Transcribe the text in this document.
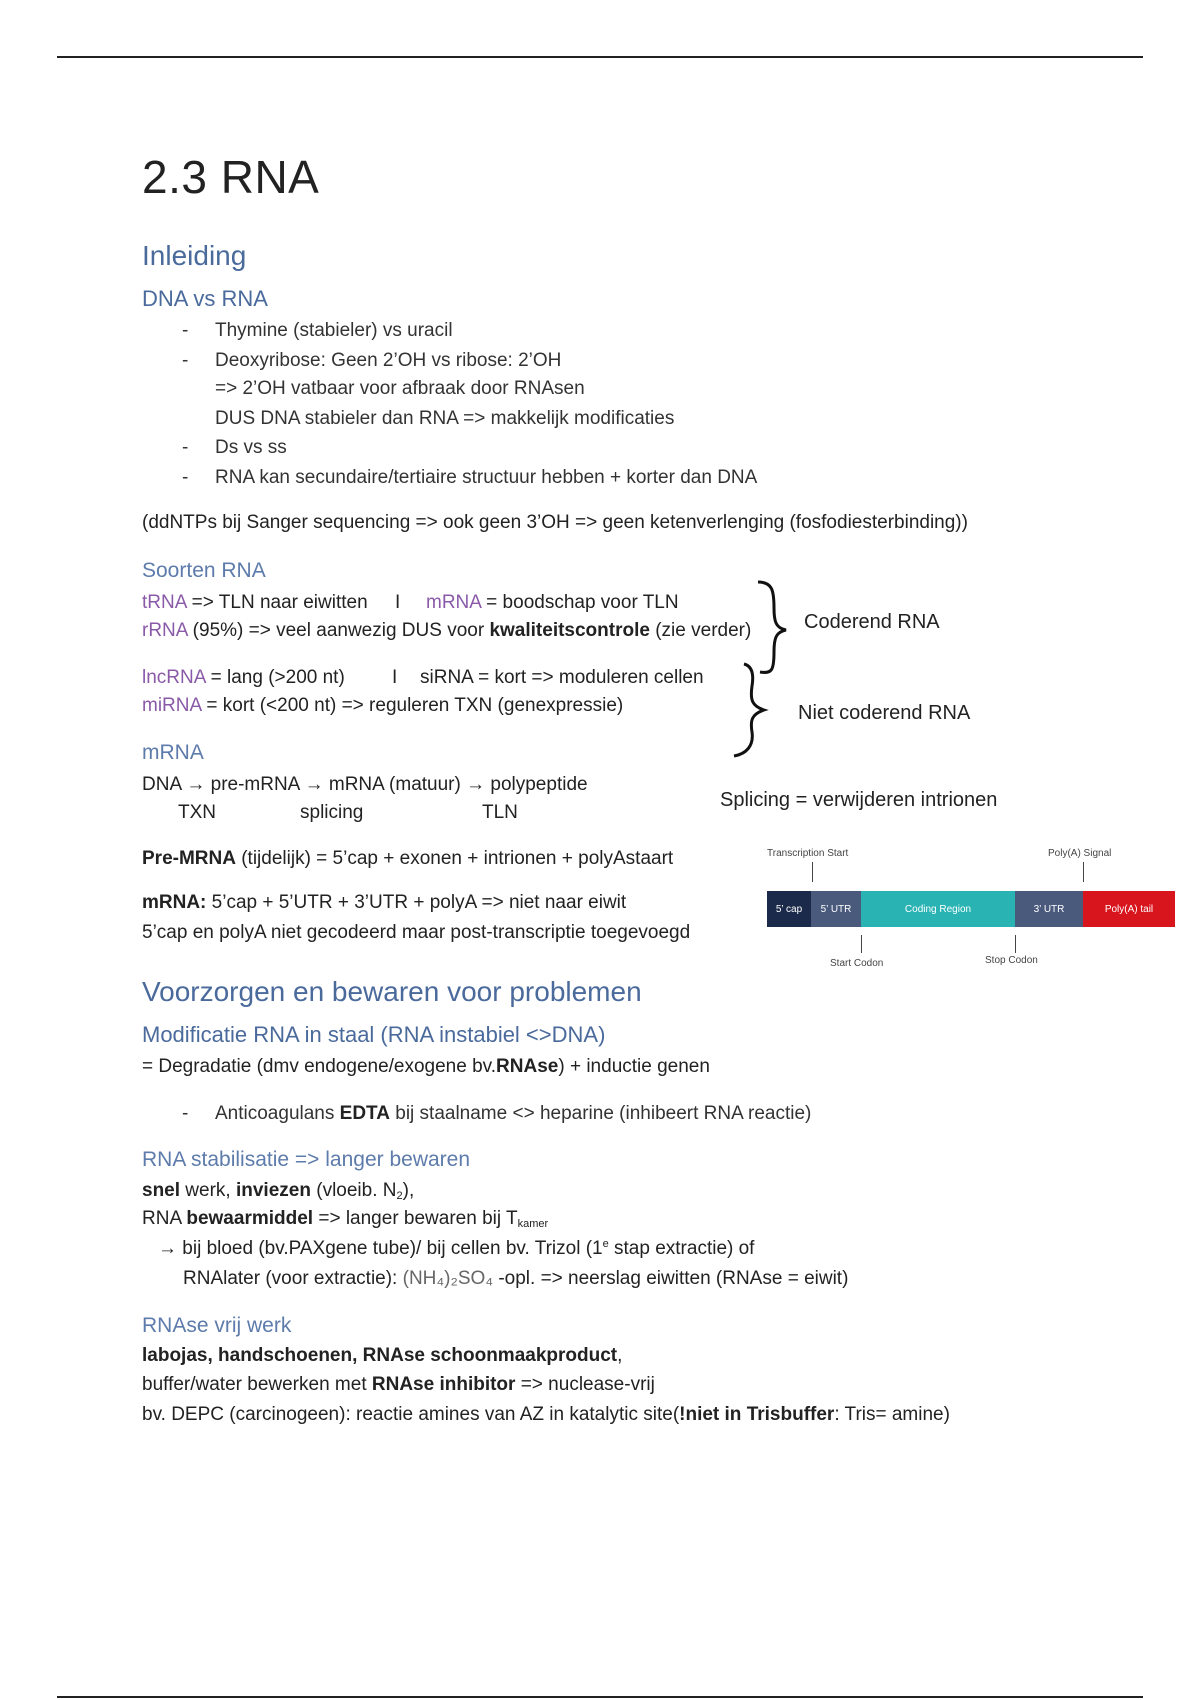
2.3 RNA
Inleiding
DNA vs RNA
- Thymine (stabieler) vs uracil
- Deoxyribose: Geen 2’OH vs ribose: 2’OH
=> 2’OH vatbaar voor afbraak door RNAsen
DUS DNA stabieler dan RNA => makkelijk modificaties
- Ds vs ss
- RNA kan secundaire/tertiaire structuur hebben + korter dan DNA
(ddNTPs bij Sanger sequencing => ook geen 3’OH => geen ketenverlenging (fosfodiesterbinding))
Soorten RNA
tRNA => TLN naar eiwitten I mRNA = boodschap voor TLN
rRNA (95%) => veel aanwezig DUS voor kwaliteitscontrole (zie verder)	Coderend RNA
lncRNA = lang (>200 nt) I siRNA = kort => moduleren cellen
miRNA = kort (<200 nt) => reguleren TXN (genexpressie)	Niet coderend RNA
mRNA
DNA → pre-mRNA → mRNA (matuur) → polypeptide
TXN	splicing	TLN
Splicing = verwijderen intrionen
Pre-MRNA (tijdelijk) = 5’cap + exonen + intrionen + polyAstaart
mRNA: 5’cap + 5’UTR + 3’UTR + polyA => niet naar eiwit
5’cap en polyA niet gecodeerd maar post-transcriptie toegevoegd
Transcription Start	Poly(A) Signal
5’ cap 5’ UTR	Coding Region	3’ UTR	Poly(A) tail
Start Codon	Stop Codon
Voorzorgen en bewaren voor problemen
Modificatie RNA in staal (RNA instabiel <>DNA)
= Degradatie (dmv endogene/exogene bv.RNAse) + inductie genen
- Anticoagulans EDTA bij staalname <> heparine (inhibeert RNA reactie)
RNA stabilisatie => langer bewaren
snel werk, inviezen (vloeib. $N_2$),
RNA bewaarmiddel => langer bewaren bij $T_{kamer}$
→ bij bloed (bv.PAXgene tube)/ bij cellen bv. Trizol (1e stap extractie) of
RNAlater (voor extractie): (NH₄)₂SO₄ -opl. => neerslag eiwitten (RNAse = eiwit)
RNAse vrij werk
labojas, handschoenen, RNAse schoonmaakproduct,
buffer/water bewerken met RNAse inhibitor => nuclease-vrij
bv. DEPC (carcinogeen): reactie amines van AZ in katalytic site(!niet in Trisbuffer: Tris= amine)
